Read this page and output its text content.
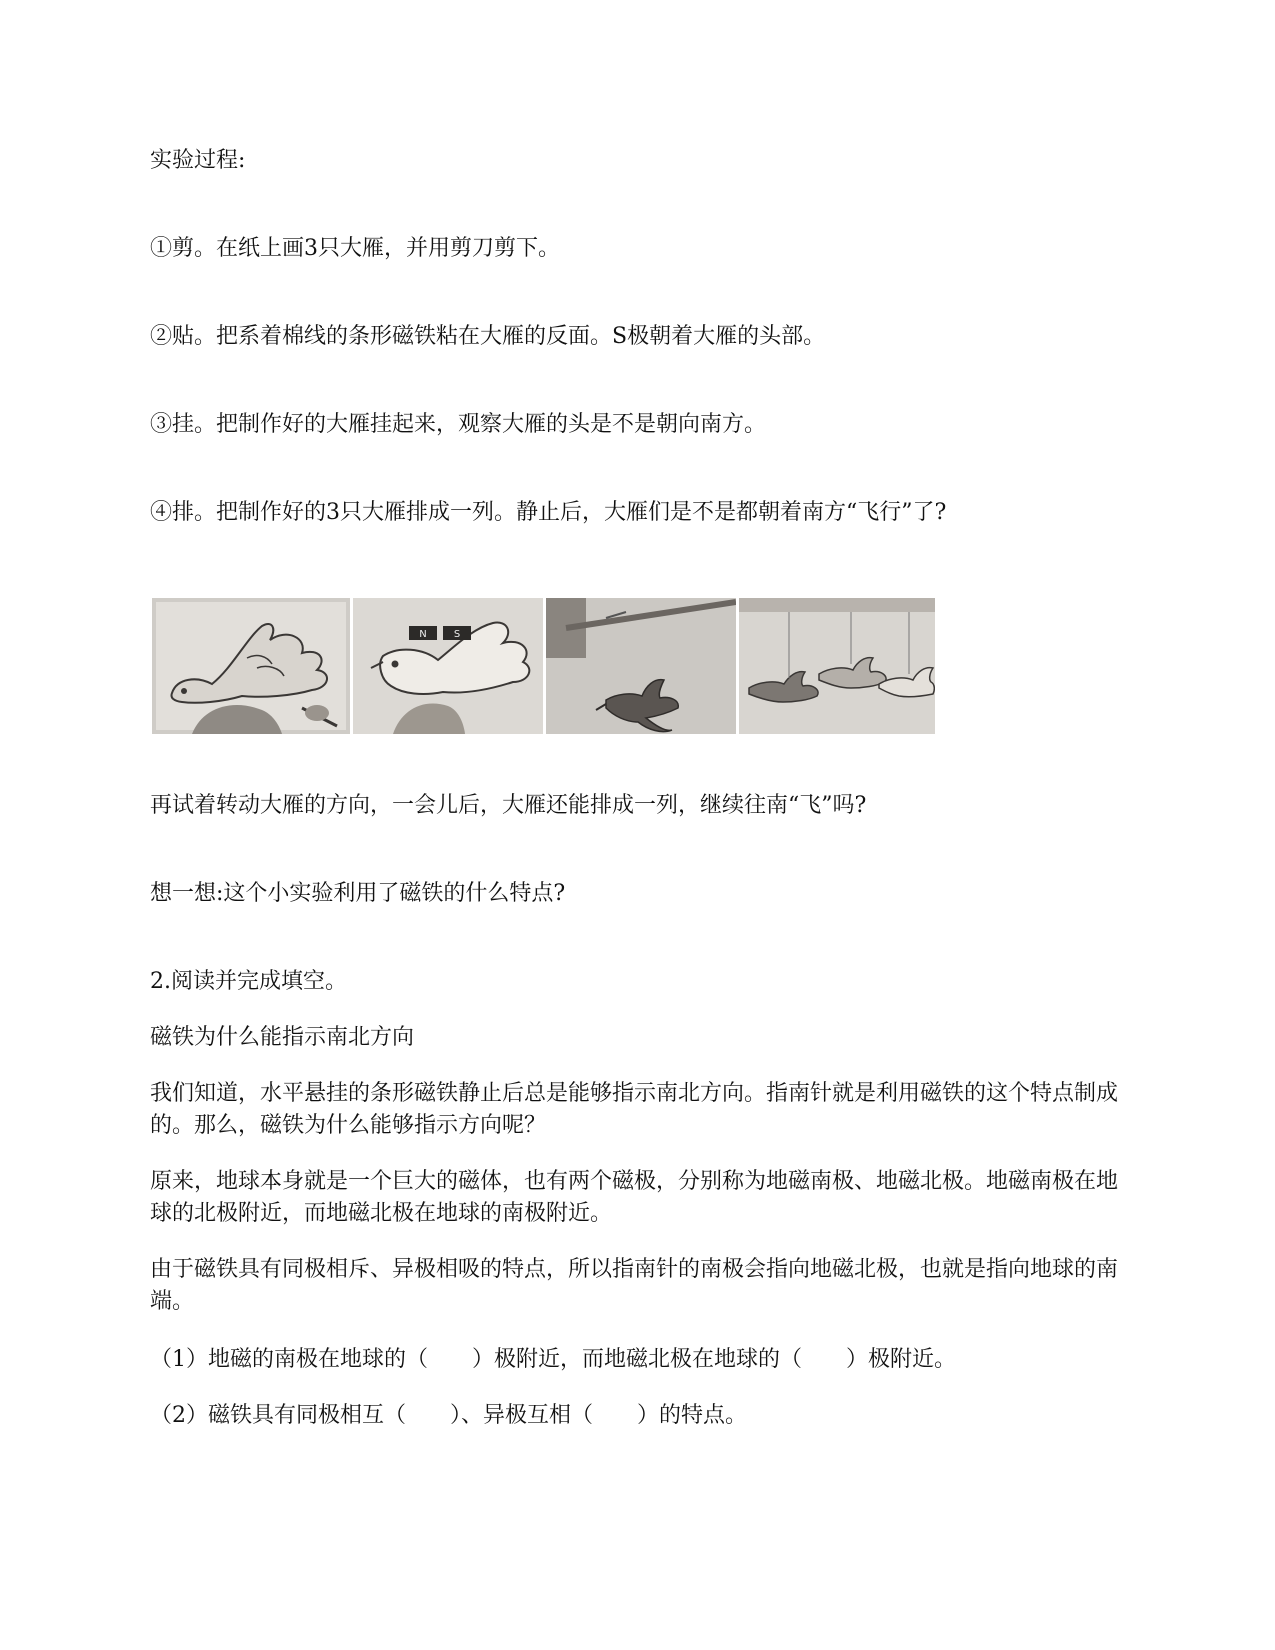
实验过程:
①剪。在纸上画3只大雁，并用剪刀剪下。
②贴。把系着棉线的条形磁铁粘在大雁的反面。S极朝着大雁的头部。
③挂。把制作好的大雁挂起来，观察大雁的头是不是朝向南方。
④排。把制作好的3只大雁排成一列。静止后，大雁们是不是都朝着南方“飞行”了?
N	S
再试着转动大雁的方向，一会儿后，大雁还能排成一列，继续往南“飞”吗?
想一想:这个小实验利用了磁铁的什么特点?
2.阅读并完成填空。
磁铁为什么能指示南北方向
我们知道，水平悬挂的条形磁铁静止后总是能够指示南北方向。指南针就是利用磁铁的这个特点制成的。那么，磁铁为什么能够指示方向呢？
原来，地球本身就是一个巨大的磁体，也有两个磁极，分别称为地磁南极、地磁北极。地磁南极在地球的北极附近，而地磁北极在地球的南极附近。
由于磁铁具有同极相斥、异极相吸的特点，所以指南针的南极会指向地磁北极，也就是指向地球的南端。
（1）地磁的南极在地球的（　　）极附近，而地磁北极在地球的（　　）极附近。
（2）磁铁具有同极相互（　　）、异极互相（　　）的特点。
